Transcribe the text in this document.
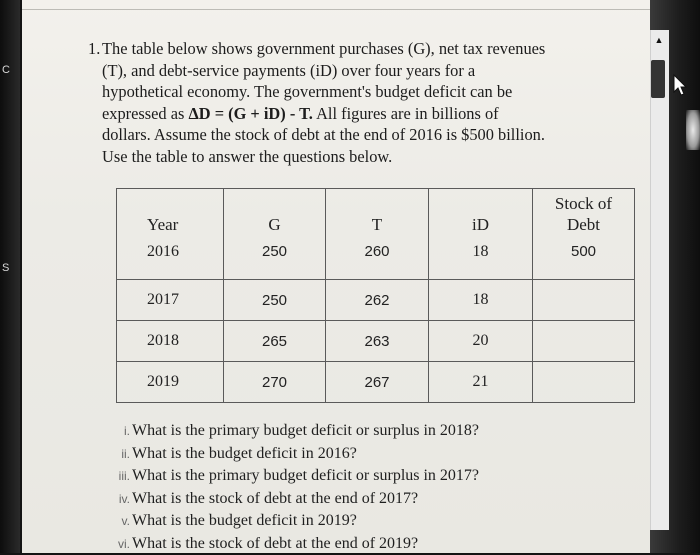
C
S
▲

1. The table below shows government purchases (G), net tax revenues

(T), and debt-service payments (iD) over four years for a

hypothetical economy. The government's budget deficit can be

expressed as ΔD = (G + iD) - T. All figures are in billions of

dollars. Assume the stock of debt at the end of 2016 is $500 billion.

Use the table to answer the questions below.

Year	G	T	iD	Stock of
Debt
2016	250	260	18	500
2017	250	262	18	
2018	265	263	20	
2019	270	267	21	
i. What is the primary budget deficit or surplus in 2018?
ii. What is the budget deficit in 2016?
iii. What is the primary budget deficit or surplus in 2017?
iv. What is the stock of debt at the end of 2017?
v. What is the budget deficit in 2019?
vi. What is the stock of debt at the end of 2019?
